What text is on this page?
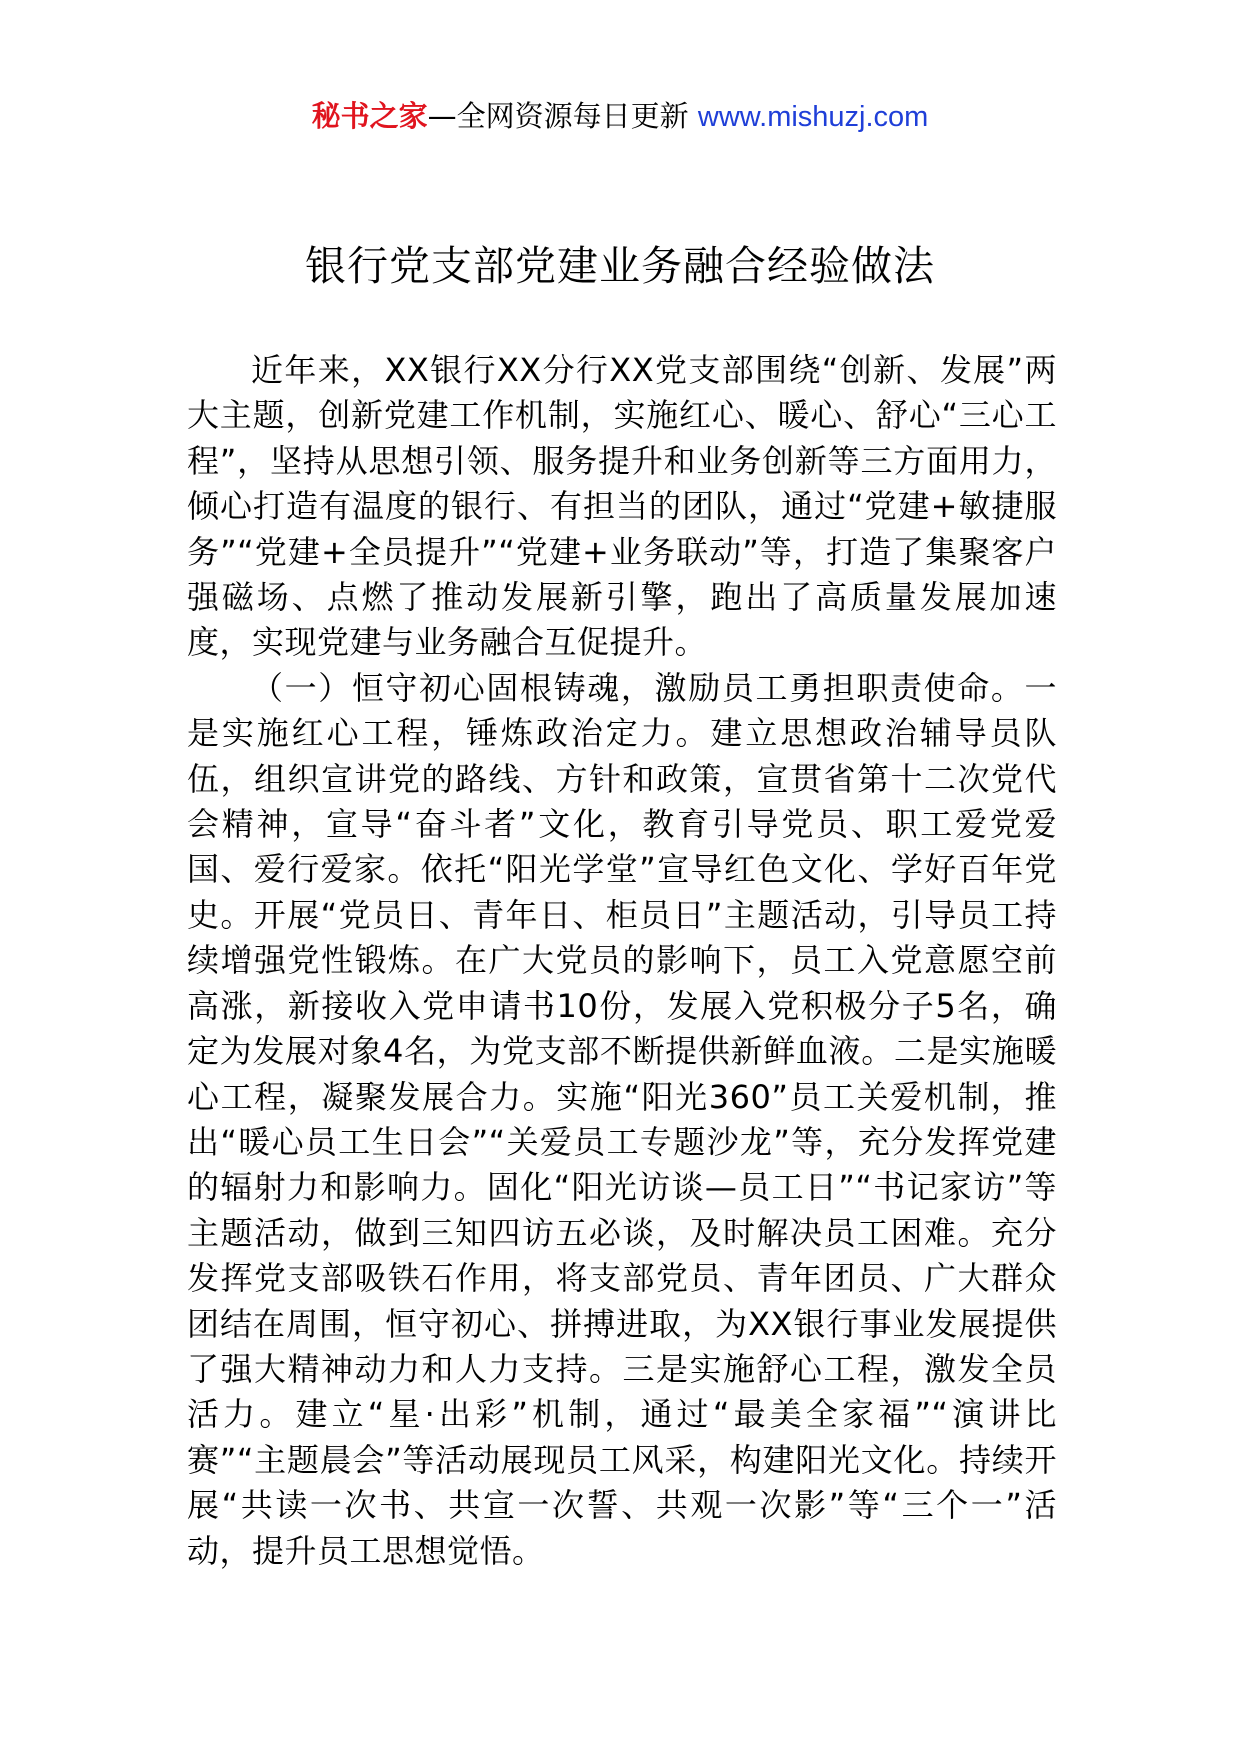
秘书之家—全网资源每日更新 www.mishuzj.com
银行党支部党建业务融合经验做法

近年来，XX银行XX分行XX党支部围绕“创新、发展”两大主题，创新党建工作机制，实施红心、暖心、舒心“三心工程”，坚持从思想引领、服务提升和业务创新等三方面用力，倾心打造有温度的银行、有担当的团队，通过“党建+敏捷服务”“党建+全员提升”“党建+业务联动”等，打造了集聚客户强磁场、点燃了推动发展新引擎，跑出了高质量发展加速度，实现党建与业务融合互促提升。

（一）恒守初心固根铸魂，激励员工勇担职责使命。一是实施红心工程，锤炼政治定力。建立思想政治辅导员队伍，组织宣讲党的路线、方针和政策，宣贯省第十二次党代会精神，宣导“奋斗者”文化，教育引导党员、职工爱党爱国、爱行爱家。依托“阳光学堂”宣导红色文化、学好百年党史。开展“党员日、青年日、柜员日”主题活动，引导员工持续增强党性锻炼。在广大党员的影响下，员工入党意愿空前高涨，新接收入党申请书10份，发展入党积极分子5名，确定为发展对象4名，为党支部不断提供新鲜血液。二是实施暖心工程，凝聚发展合力。实施“阳光360”员工关爱机制，推出“暖心员工生日会”“关爱员工专题沙龙”等，充分发挥党建的辐射力和影响力。固化“阳光访谈—员工日”“书记家访”等主题活动，做到三知四访五必谈，及时解决员工困难。充分发挥党支部吸铁石作用，将支部党员、青年团员、广大群众团结在周围，恒守初心、拼搏进取，为XX银行事业发展提供了强大精神动力和人力支持。三是实施舒心工程，激发全员活力。建立“星·出彩”机制，通过“最美全家福”“演讲比赛”“主题晨会”等活动展现员工风采，构建阳光文化。持续开展“共读一次书、共宣一次誓、共观一次影”等“三个一”活动，提升员工思想觉悟。
